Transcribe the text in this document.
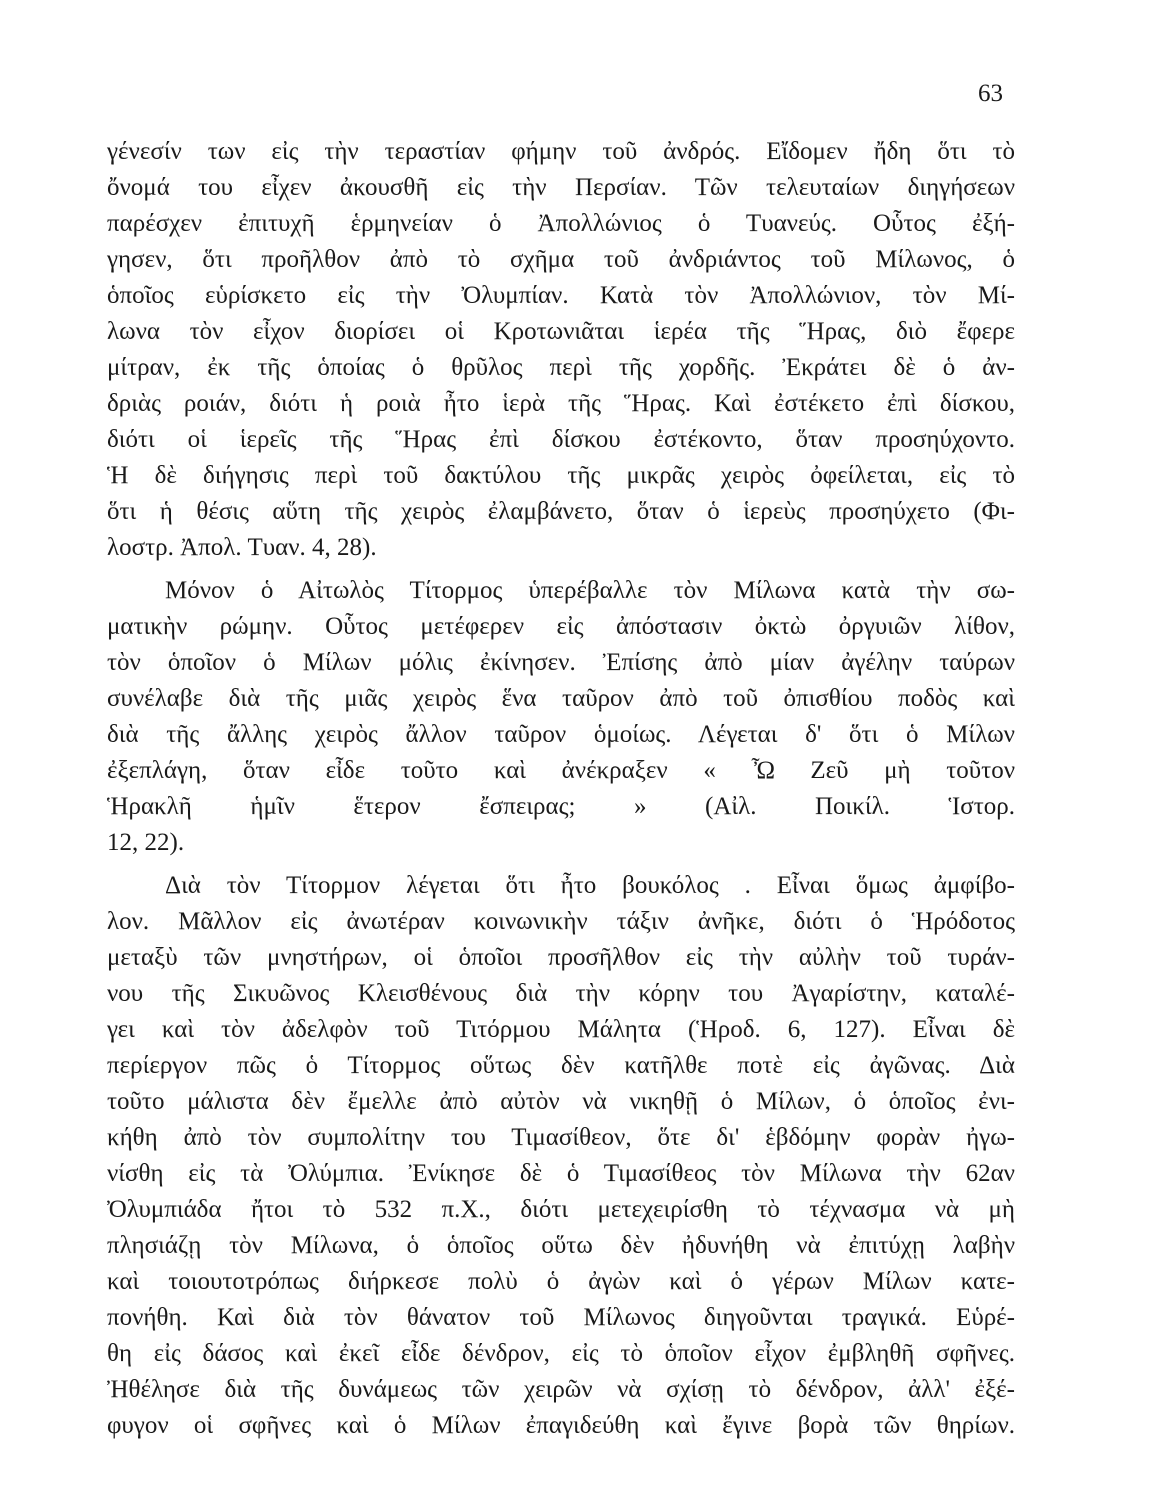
63
γένεσίν των εἰς τὴν τεραστίαν φήμην τοῦ ἀνδρός. Εἴδομεν ἤδη ὅτι τὸ
ὄνομά του εἶχεν ἀκουσθῆ εἰς τὴν Περσίαν. Τῶν τελευταίων διηγήσεων
παρέσχεν ἐπιτυχῆ ἑρμηνείαν ὁ Ἀπολλώνιος ὁ Τυανεύς. Οὗτος ἐξή-
γησεν, ὅτι προῆλθον ἀπὸ τὸ σχῆμα τοῦ ἀνδριάντος τοῦ Μίλωνος, ὁ
ὁποῖος εὑρίσκετο εἰς τὴν Ὀλυμπίαν. Κατὰ τὸν Ἀπολλώνιον, τὸν Μί-
λωνα τὸν εἶχον διορίσει οἱ Κροτωνιᾶται ἱερέα τῆς Ἥρας, διὸ ἔφερε
μίτραν, ἐκ τῆς ὁποίας ὁ θρῦλος περὶ τῆς χορδῆς. Ἐκράτει δὲ ὁ ἀν-
δριὰς ροιάν, διότι ἡ ροιὰ ἦτο ἱερὰ τῆς Ἥρας. Καὶ ἐστέκετο ἐπὶ δίσκου,
διότι οἱ ἱερεῖς τῆς Ἥρας ἐπὶ δίσκου ἐστέκοντο, ὅταν προσηύχοντο.
Ἡ δὲ διήγησις περὶ τοῦ δακτύλου τῆς μικρᾶς χειρὸς ὀφείλεται, εἰς τὸ
ὅτι ἡ θέσις αὕτη τῆς χειρὸς ἐλαμβάνετο, ὅταν ὁ ἱερεὺς προσηύχετο (Φι-
λοστρ. Ἀπολ. Τυαν. 4, 28).
Μόνον ὁ Αἰτωλὸς Τίτορμος ὑπερέβαλλε τὸν Μίλωνα κατὰ τὴν σω-
ματικὴν ρώμην. Οὗτος μετέφερεν εἰς ἀπόστασιν ὀκτὼ ὀργυιῶν λίθον,
τὸν ὁποῖον ὁ Μίλων μόλις ἐκίνησεν. Ἐπίσης ἀπὸ μίαν ἀγέλην ταύρων
συνέλαβε διὰ τῆς μιᾶς χειρὸς ἕνα ταῦρον ἀπὸ τοῦ ὀπισθίου ποδὸς καὶ
διὰ τῆς ἄλλης χειρὸς ἄλλον ταῦρον ὁμοίως. Λέγεται δ' ὅτι ὁ Μίλων
ἐξεπλάγη, ὅταν εἶδε τοῦτο καὶ ἀνέκραξεν « Ὦ Ζεῦ μὴ τοῦτον
Ἡρακλῆ ἡμῖν ἕτερον ἔσπειρας; » (Αἰλ. Ποικίλ. Ἱστορ.
12, 22).
Διὰ τὸν Τίτορμον λέγεται ὅτι ἦτο βουκόλος . Εἶναι ὅμως ἀμφίβο-
λον. Μᾶλλον εἰς ἀνωτέραν κοινωνικὴν τάξιν ἀνῆκε, διότι ὁ Ἡρόδοτος
μεταξὺ τῶν μνηστήρων, οἱ ὁποῖοι προσῆλθον εἰς τὴν αὐλὴν τοῦ τυράν-
νου τῆς Σικυῶνος Κλεισθένους διὰ τὴν κόρην του Ἀγαρίστην, καταλέ-
γει καὶ τὸν ἀδελφὸν τοῦ Τιτόρμου Μάλητα (Ἡροδ. 6, 127). Εἶναι δὲ
περίεργον πῶς ὁ Τίτορμος οὕτως δὲν κατῆλθε ποτὲ εἰς ἀγῶνας. Διὰ
τοῦτο μάλιστα δὲν ἔμελλε ἀπὸ αὐτὸν νὰ νικηθῇ ὁ Μίλων, ὁ ὁποῖος ἐνι-
κήθη ἀπὸ τὸν συμπολίτην του Τιμασίθεον, ὅτε δι' ἑβδόμην φορὰν ἠγω-
νίσθη εἰς τὰ Ὀλύμπια. Ἐνίκησε δὲ ὁ Τιμασίθεος τὸν Μίλωνα τὴν 62αν
Ὀλυμπιάδα ἤτοι τὸ 532 π.Χ., διότι μετεχειρίσθη τὸ τέχνασμα νὰ μὴ
πλησιάζῃ τὸν Μίλωνα, ὁ ὁποῖος οὕτω δὲν ἠδυνήθη νὰ ἐπιτύχῃ λαβὴν
καὶ τοιουτοτρόπως διήρκεσε πολὺ ὁ ἀγὼν καὶ ὁ γέρων Μίλων κατε-
πονήθη. Καὶ διὰ τὸν θάνατον τοῦ Μίλωνος διηγοῦνται τραγικά. Εὑρέ-
θη εἰς δάσος καὶ ἐκεῖ εἶδε δένδρον, εἰς τὸ ὁποῖον εἶχον ἐμβληθῆ σφῆνες.
Ἠθέλησε διὰ τῆς δυνάμεως τῶν χειρῶν νὰ σχίσῃ τὸ δένδρον, ἀλλ' ἐξέ-
φυγον οἱ σφῆνες καὶ ὁ Μίλων ἐπαγιδεύθη καὶ ἔγινε βορὰ τῶν θηρίων.
